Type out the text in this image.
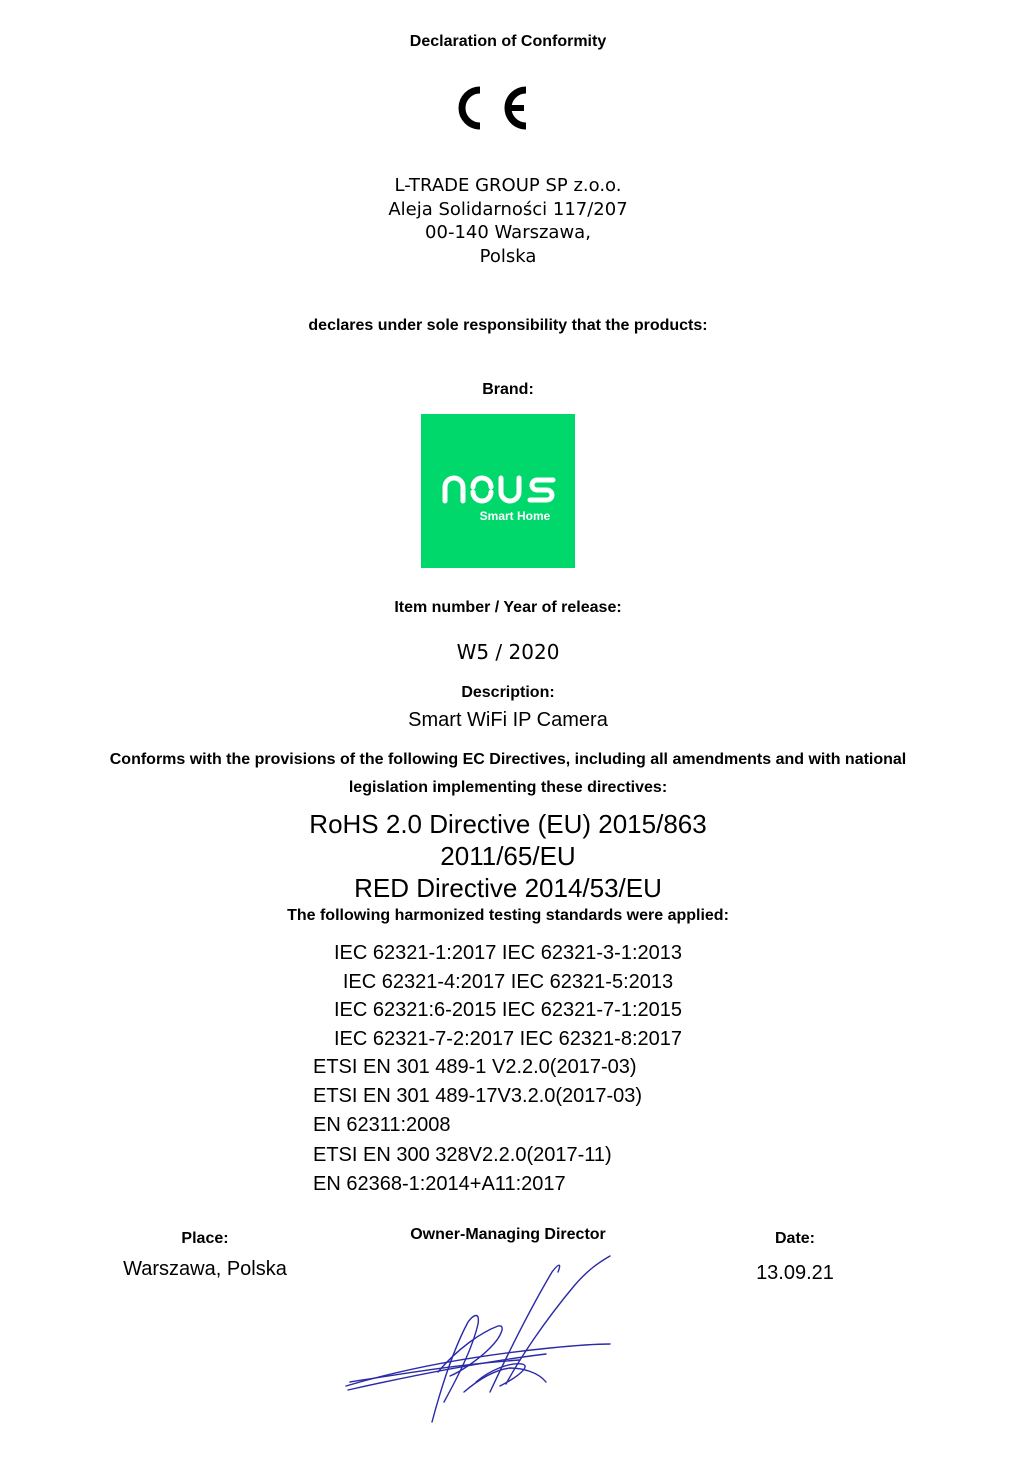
Declaration of Conformity
L-TRADE GROUP SP z.o.o.
Aleja Solidarności 117/207
00-140 Warszawa,
Polska
declares under sole responsibility that the products:
Brand:
Smart Home
Item number / Year of release:
W5 / 2020
Description:
Smart WiFi IP Camera
Conforms with the provisions of the following EC Directives, including all amendments and with national
legislation implementing these directives:
RoHS 2.0 Directive (EU) 2015/863
2011/65/EU
RED Directive 2014/53/EU
The following harmonized testing standards were applied:
IEC 62321-1:2017 IEC 62321-3-1:2013
IEC 62321-4:2017 IEC 62321-5:2013
IEC 62321:6-2015 IEC 62321-7-1:2015
IEC 62321-7-2:2017 IEC 62321-8:2017
ETSI EN 301 489-1 V2.2.0(2017-03)
ETSI EN 301 489-17V3.2.0(2017-03)
EN 62311:2008
ETSI EN 300 328V2.2.0(2017-11)
EN 62368-1:2014+A11:2017
Place:
Warszawa, Polska
Owner-Managing Director	Date:
13.09.21
